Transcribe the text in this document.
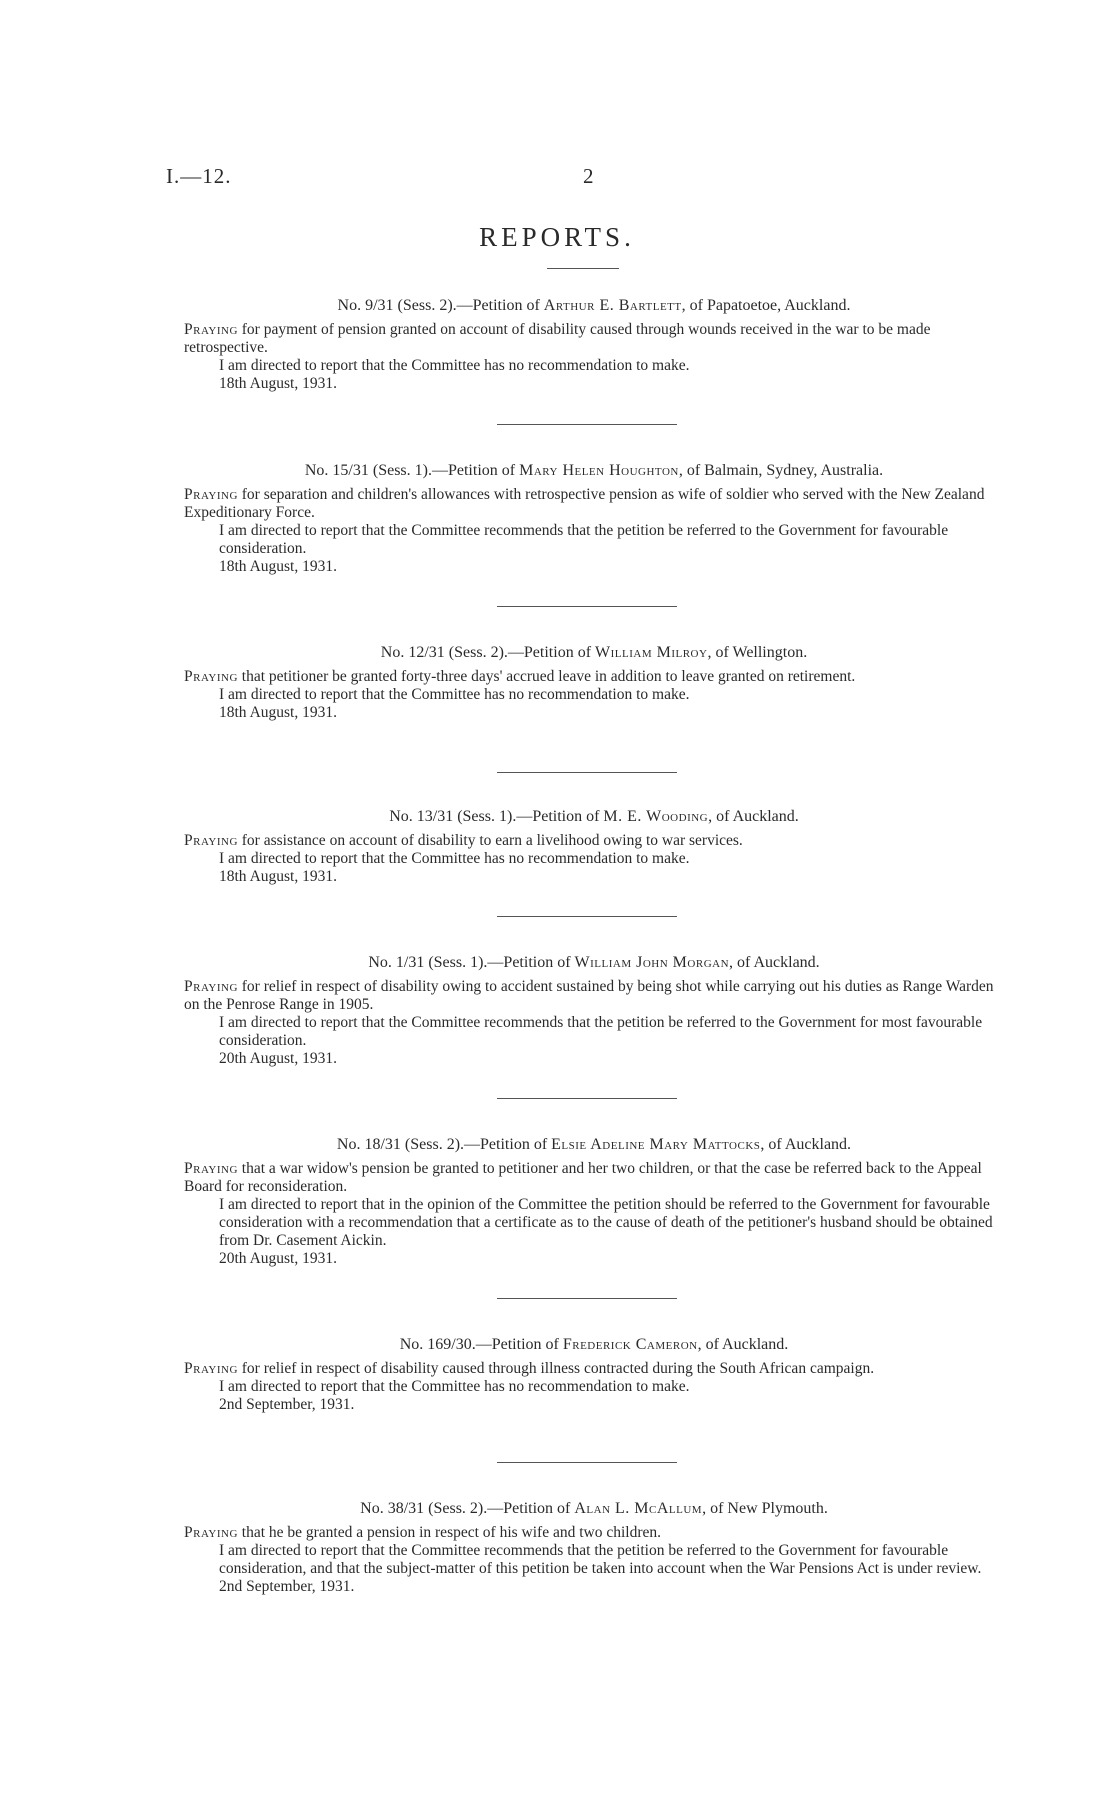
I.—12.	2
REPORTS.

No. 9/31 (Sess. 2).—Petition of Arthur E. Bartlett, of Papatoetoe, Auckland.

Praying for payment of pension granted on account of disability caused through wounds received in the war to be made retrospective.

I am directed to report that the Committee has no recommendation to make.

18th August, 1931.

No. 15/31 (Sess. 1).—Petition of Mary Helen Houghton, of Balmain, Sydney, Australia.

Praying for separation and children's allowances with retrospective pension as wife of soldier who served with the New Zealand Expeditionary Force.

I am directed to report that the Committee recommends that the petition be referred to the Government for favourable consideration.

18th August, 1931.

No. 12/31 (Sess. 2).—Petition of William Milroy, of Wellington.

Praying that petitioner be granted forty-three days' accrued leave in addition to leave granted on retirement.

I am directed to report that the Committee has no recommendation to make.

18th August, 1931.

No. 13/31 (Sess. 1).—Petition of M. E. Wooding, of Auckland.

Praying for assistance on account of disability to earn a livelihood owing to war services.

I am directed to report that the Committee has no recommendation to make.

18th August, 1931.

No. 1/31 (Sess. 1).—Petition of William John Morgan, of Auckland.

Praying for relief in respect of disability owing to accident sustained by being shot while carrying out his duties as Range Warden on the Penrose Range in 1905.

I am directed to report that the Committee recommends that the petition be referred to the Government for most favourable consideration.

20th August, 1931.

No. 18/31 (Sess. 2).—Petition of Elsie Adeline Mary Mattocks, of Auckland.

Praying that a war widow's pension be granted to petitioner and her two children, or that the case be referred back to the Appeal Board for reconsideration.

I am directed to report that in the opinion of the Committee the petition should be referred to the Government for favourable consideration with a recommendation that a certificate as to the cause of death of the petitioner's husband should be obtained from Dr. Casement Aickin.

20th August, 1931.

No. 169/30.—Petition of Frederick Cameron, of Auckland.

Praying for relief in respect of disability caused through illness contracted during the South African campaign.

I am directed to report that the Committee has no recommendation to make.

2nd September, 1931.

No. 38/31 (Sess. 2).—Petition of Alan L. McAllum, of New Plymouth.

Praying that he be granted a pension in respect of his wife and two children.

I am directed to report that the Committee recommends that the petition be referred to the Government for favourable consideration, and that the subject-matter of this petition be taken into account when the War Pensions Act is under review.

2nd September, 1931.
